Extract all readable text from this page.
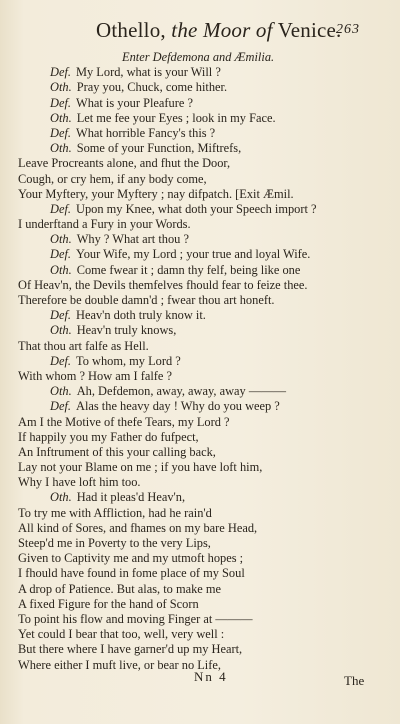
Othello, the Moor of Venice.
263
Enter Defdemona and Æmilia.
Def. My Lord, what is your Will ?
Oth. Pray you, Chuck, come hither.
Def. What is your Pleafure ?
Oth. Let me fee your Eyes ; look in my Face.
Def. What horrible Fancy's this ?
Oth. Some of your Function, Miftrefs,
Leave Procreants alone, and fhut the Door,
Cough, or cry hem, if any body come,
Your Myftery, your Myftery ; nay difpatch. [Exit Æmil.
Def. Upon my Knee, what doth your Speech import ?
I underftand a Fury in your Words.
Oth. Why ? What art thou ?
Def. Your Wife, my Lord ; your true and loyal Wife.
Oth. Come fwear it ; damn thy felf, being like one
Of Heav'n, the Devils themfelves fhould fear to feize thee.
Therefore be double damn'd ; fwear thou art honeft.
Def. Heav'n doth truly know it.
Oth. Heav'n truly knows,
That thou art falfe as Hell.
Def. To whom, my Lord ?
With whom ? How am I falfe ?
Oth. Ah, Defdemon, away, away, away ———
Def. Alas the heavy day ! Why do you weep ?
Am I the Motive of thefe Tears, my Lord ?
If happily you my Father do fufpect,
An Inftrument of this your calling back,
Lay not your Blame on me ; if you have loft him,
Why I have loft him too.
Oth. Had it pleas'd Heav'n,
To try me with Affliction, had he rain'd
All kind of Sores, and fhames on my bare Head,
Steep'd me in Poverty to the very Lips,
Given to Captivity me and my utmoft hopes ;
I fhould have found in fome place of my Soul
A drop of Patience. But alas, to make me
A fixed Figure for the hand of Scorn
To point his flow and moving Finger at ———
Yet could I bear that too, well, very well :
But there where I have garner'd up my Heart,
Where either I muft live, or bear no Life,
Nn 4	The
